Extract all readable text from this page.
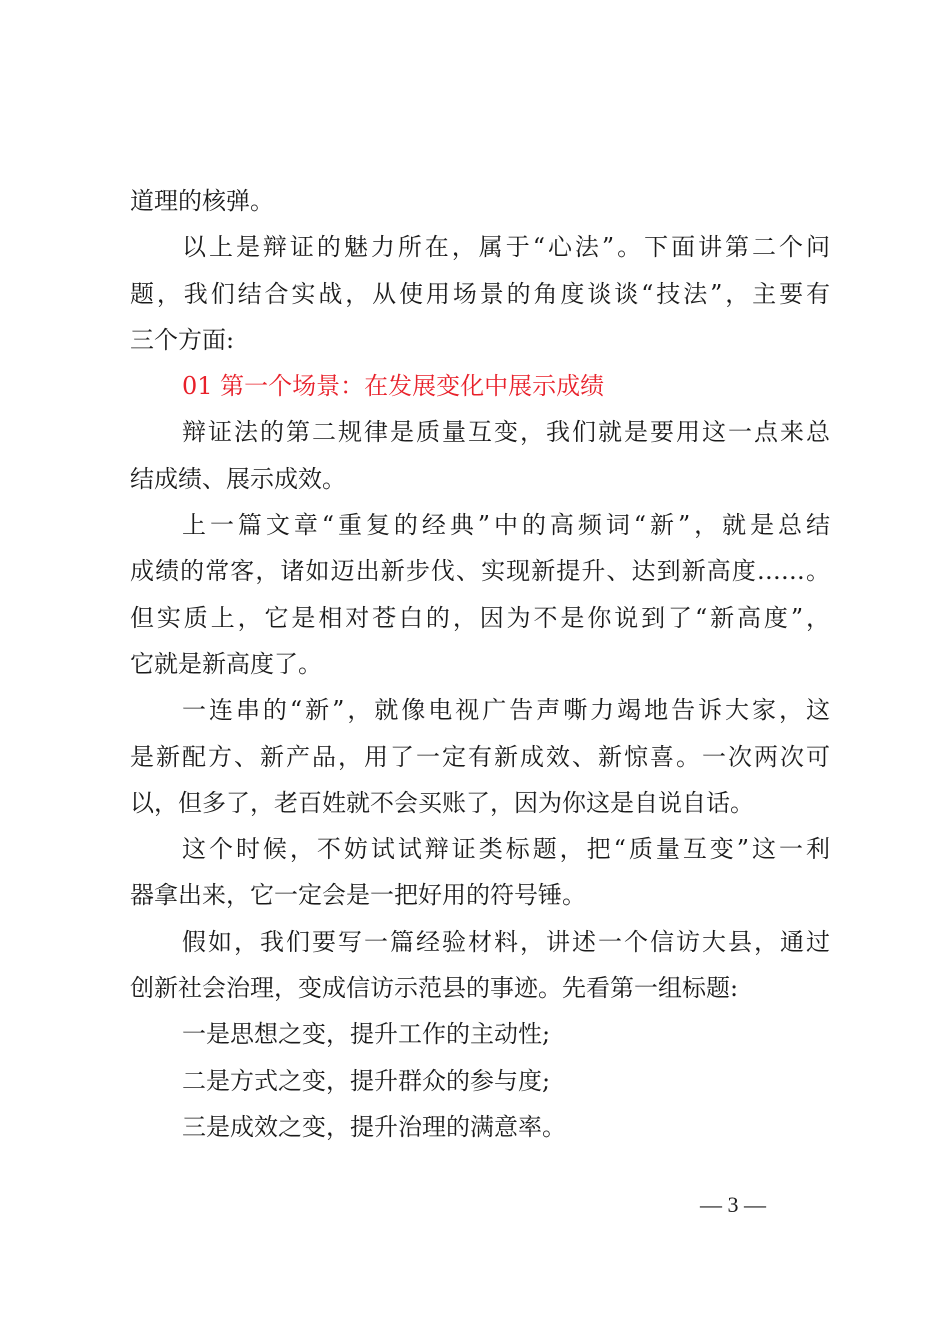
道理的核弹。
以上是辩证的魅力所在，属于“心法”。下面讲第二个问
题，我们结合实战，从使用场景的角度谈谈“技法”，主要有
三个方面:
01 第一个场景：在发展变化中展示成绩
辩证法的第二规律是质量互变，我们就是要用这一点来总
结成绩、展示成效。
上一篇文章“重复的经典”中的高频词“新”，就是总结
成绩的常客，诸如迈出新步伐、实现新提升、达到新高度……。
但实质上，它是相对苍白的，因为不是你说到了“新高度”，
它就是新高度了。
一连串的“新”，就像电视广告声嘶力竭地告诉大家，这
是新配方、新产品，用了一定有新成效、新惊喜。一次两次可
以，但多了，老百姓就不会买账了，因为你这是自说自话。
这个时候，不妨试试辩证类标题，把“质量互变”这一利
器拿出来，它一定会是一把好用的符号锤。
假如，我们要写一篇经验材料，讲述一个信访大县，通过
创新社会治理，变成信访示范县的事迹。先看第一组标题:
一是思想之变，提升工作的主动性;
二是方式之变，提升群众的参与度;
三是成效之变，提升治理的满意率。
— 3 —
